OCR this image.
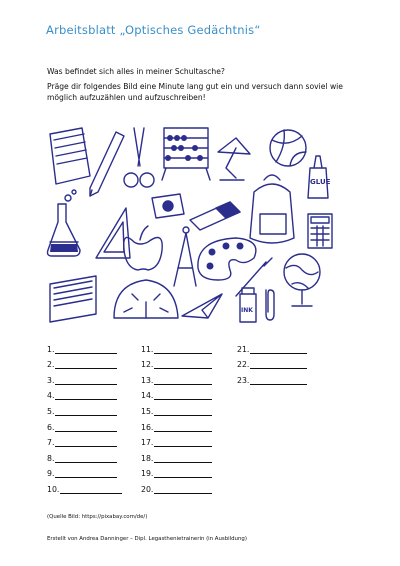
Arbeitsblatt „Optisches Gedächtnis“
Was befindet sich alles in meiner Schultasche?
Präge dir folgendes Bild eine Minute lang gut ein und versuch dann soviel wie möglich aufzuzählen und aufzuschreiben!
GLUE
INK
1.
2.
3.
4.
5.
6.
7.
8.
9.
10.
11.
12.
13.
14.
15.
16.
17.
18.
19.
20.
21.
22.
23.
(Quelle Bild: https://pixabay.com/de/)
Erstellt von Andrea Danninger – Dipl. Legasthenietrainerin (in Ausbildung)
